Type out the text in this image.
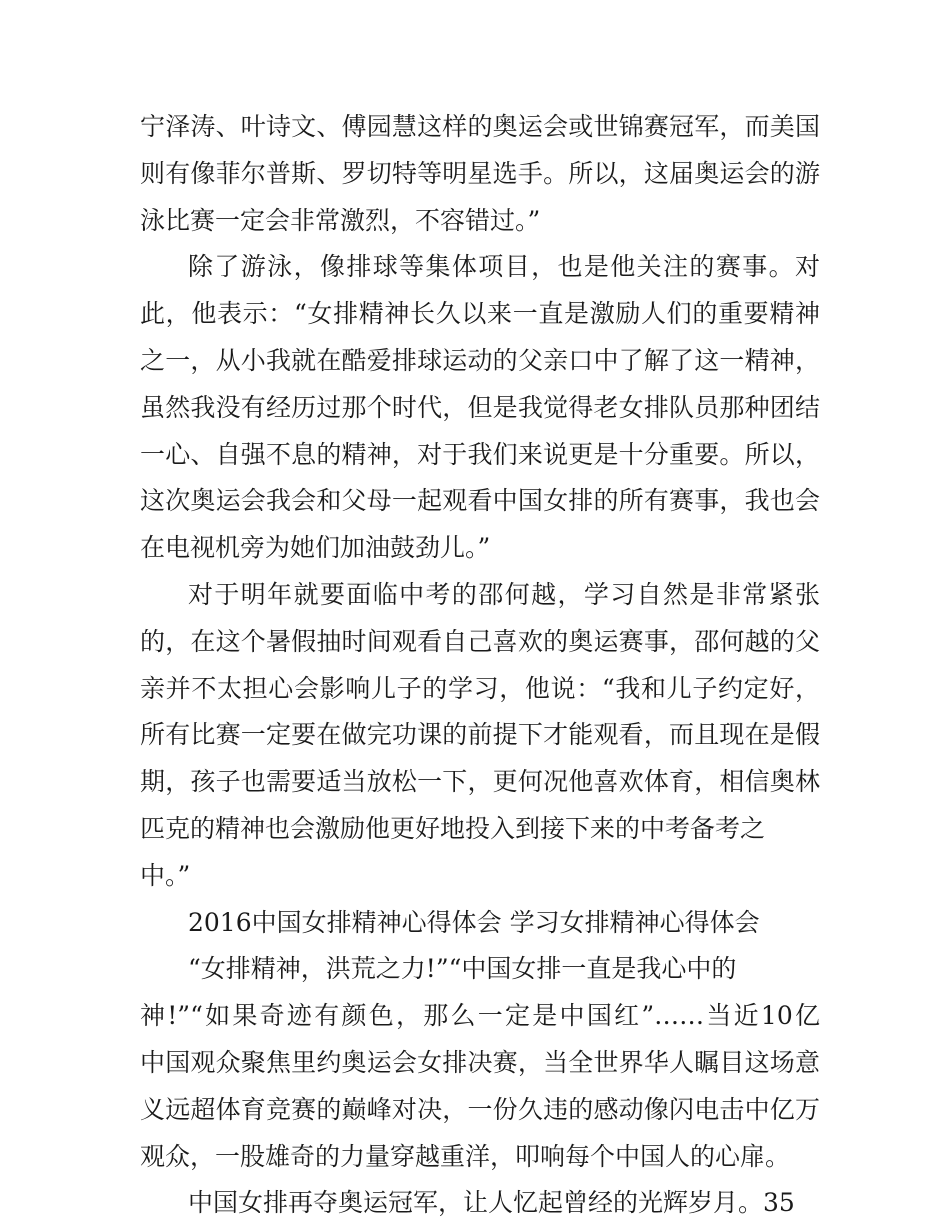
宁泽涛、叶诗文、傅园慧这样的奥运会或世锦赛冠军，而美国
则有像菲尔普斯、罗切特等明星选手。所以，这届奥运会的游
泳比赛一定会非常激烈，不容错过。”
除了游泳，像排球等集体项目，也是他关注的赛事。对
此，他表示：“女排精神长久以来一直是激励人们的重要精神
之一，从小我就在酷爱排球运动的父亲口中了解了这一精神，
虽然我没有经历过那个时代，但是我觉得老女排队员那种团结
一心、自强不息的精神，对于我们来说更是十分重要。所以，
这次奥运会我会和父母一起观看中国女排的所有赛事，我也会
在电视机旁为她们加油鼓劲儿。”
对于明年就要面临中考的邵何越，学习自然是非常紧张
的，在这个暑假抽时间观看自己喜欢的奥运赛事，邵何越的父
亲并不太担心会影响儿子的学习，他说：“我和儿子约定好，
所有比赛一定要在做完功课的前提下才能观看，而且现在是假
期，孩子也需要适当放松一下，更何况他喜欢体育，相信奥林
匹克的精神也会激励他更好地投入到接下来的中考备考之
中。”
2016中国女排精神心得体会 学习女排精神心得体会
“女排精神，洪荒之力!”“中国女排一直是我心中的
神!”“如果奇迹有颜色，那么一定是中国红”……当近10亿
中国观众聚焦里约奥运会女排决赛，当全世界华人瞩目这场意
义远超体育竞赛的巅峰对决，一份久违的感动像闪电击中亿万
观众，一股雄奇的力量穿越重洋，叩响每个中国人的心扉。
中国女排再夺奥运冠军，让人忆起曾经的光辉岁月。35
